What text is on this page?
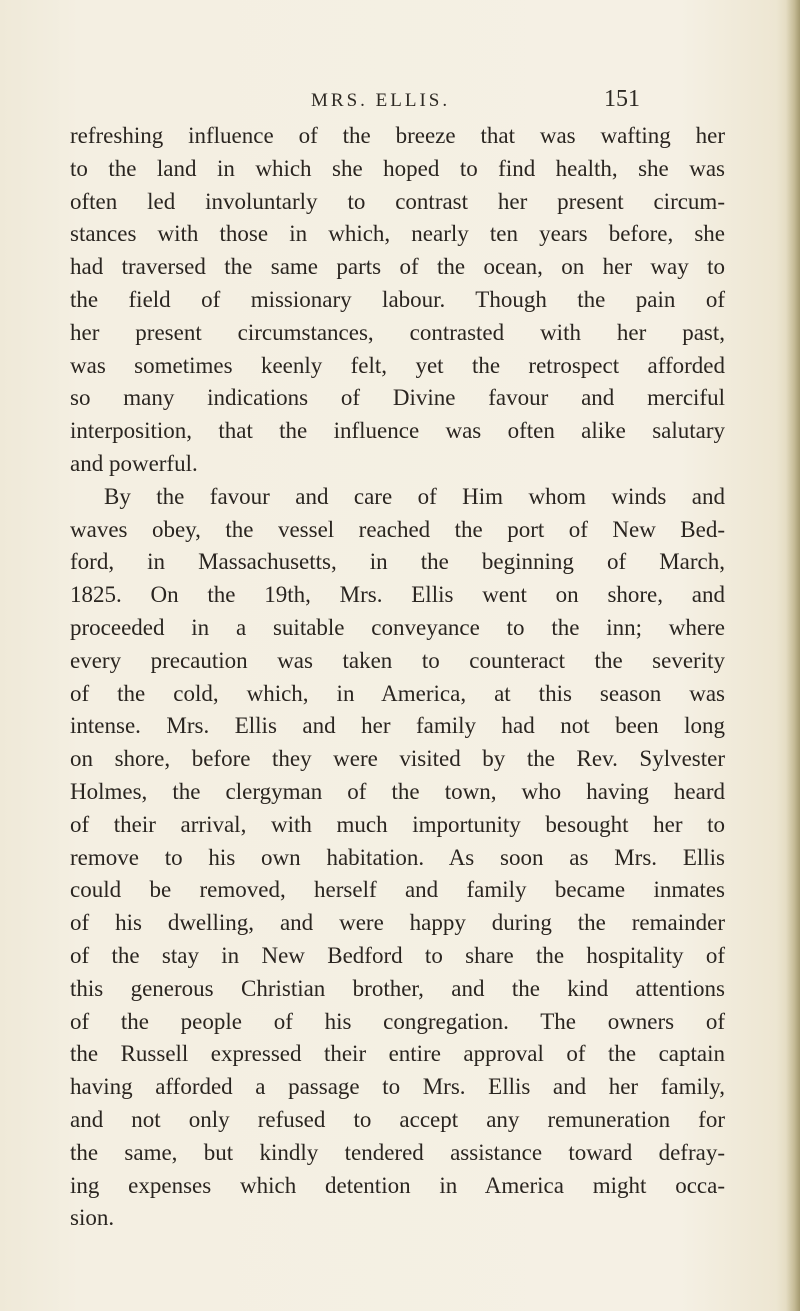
MRS. ELLIS.	151
refreshing influence of the breeze that was wafting her
to the land in which she hoped to find health, she was
often led involuntarly to contrast her present circum-
stances with those in which, nearly ten years before, she
had traversed the same parts of the ocean, on her way to
the field of missionary labour. Though the pain of
her present circumstances, contrasted with her past,
was sometimes keenly felt, yet the retrospect afforded
so many indications of Divine favour and merciful
interposition, that the influence was often alike salutary
and powerful.
By the favour and care of Him whom winds and
waves obey, the vessel reached the port of New Bed-
ford, in Massachusetts, in the beginning of March,
1825. On the 19th, Mrs. Ellis went on shore, and
proceeded in a suitable conveyance to the inn; where
every precaution was taken to counteract the severity
of the cold, which, in America, at this season was
intense. Mrs. Ellis and her family had not been long
on shore, before they were visited by the Rev. Sylvester
Holmes, the clergyman of the town, who having heard
of their arrival, with much importunity besought her to
remove to his own habitation. As soon as Mrs. Ellis
could be removed, herself and family became inmates
of his dwelling, and were happy during the remainder
of the stay in New Bedford to share the hospitality of
this generous Christian brother, and the kind attentions
of the people of his congregation. The owners of
the Russell expressed their entire approval of the captain
having afforded a passage to Mrs. Ellis and her family,
and not only refused to accept any remuneration for
the same, but kindly tendered assistance toward defray-
ing expenses which detention in America might occa-
sion.
